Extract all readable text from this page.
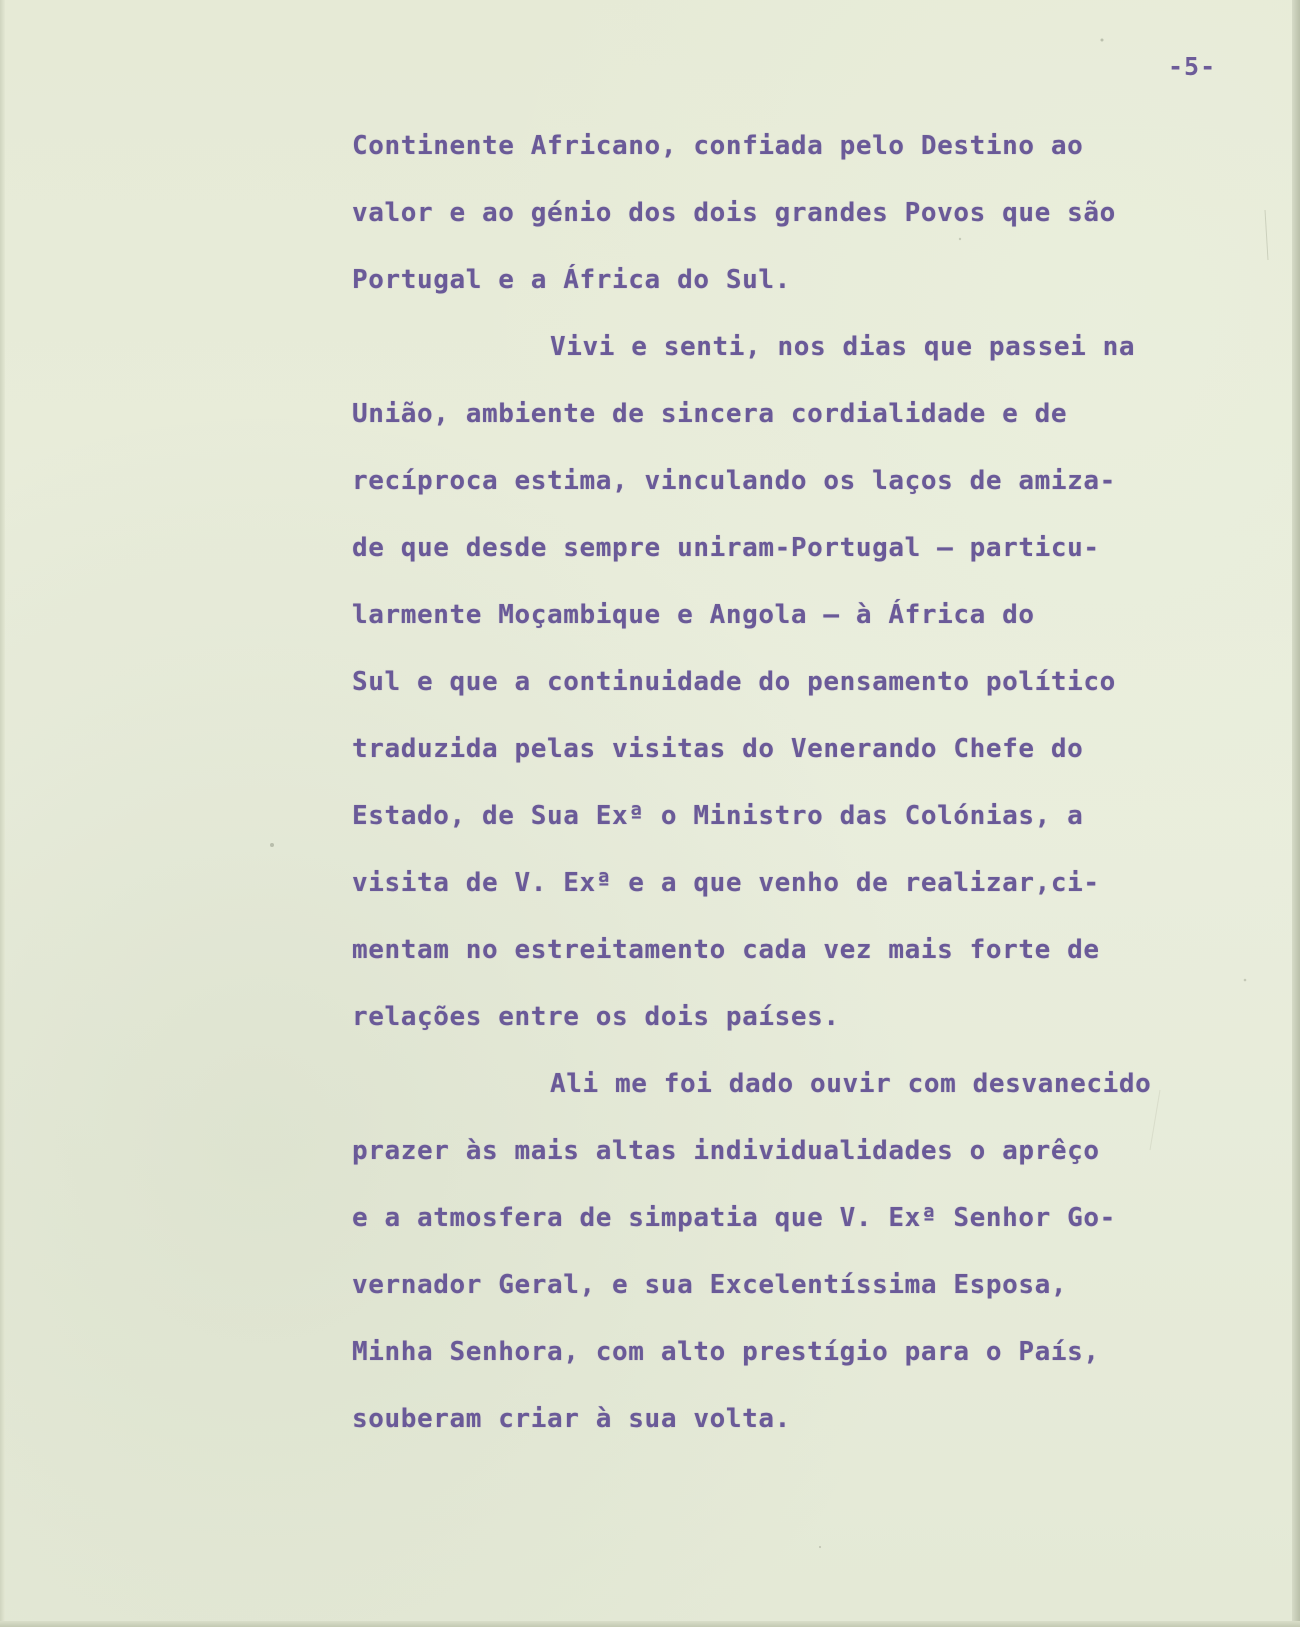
-5-
Continente Africano, confiada pelo Destino ao
valor e ao génio dos dois grandes Povos que são
Portugal e a África do Sul.
Vivi e senti, nos dias que passei na
União, ambiente de sincera cordialidade e de
recíproca estima, vinculando os laços de amiza-
de que desde sempre uniram-Portugal — particu-
larmente Moçambique e Angola — à África do
Sul e que a continuidade do pensamento político
traduzida pelas visitas do Venerando Chefe do
Estado, de Sua Exª o Ministro das Colónias, a
visita de V. Exª e a que venho de realizar,ci-
mentam no estreitamento cada vez mais forte de
relações entre os dois países.
Ali me foi dado ouvir com desvanecido
prazer às mais altas individualidades o aprêço
e a atmosfera de simpatia que V. Exª Senhor Go-
vernador Geral, e sua Excelentíssima Esposa,
Minha Senhora, com alto prestígio para o País,
souberam criar à sua volta.
